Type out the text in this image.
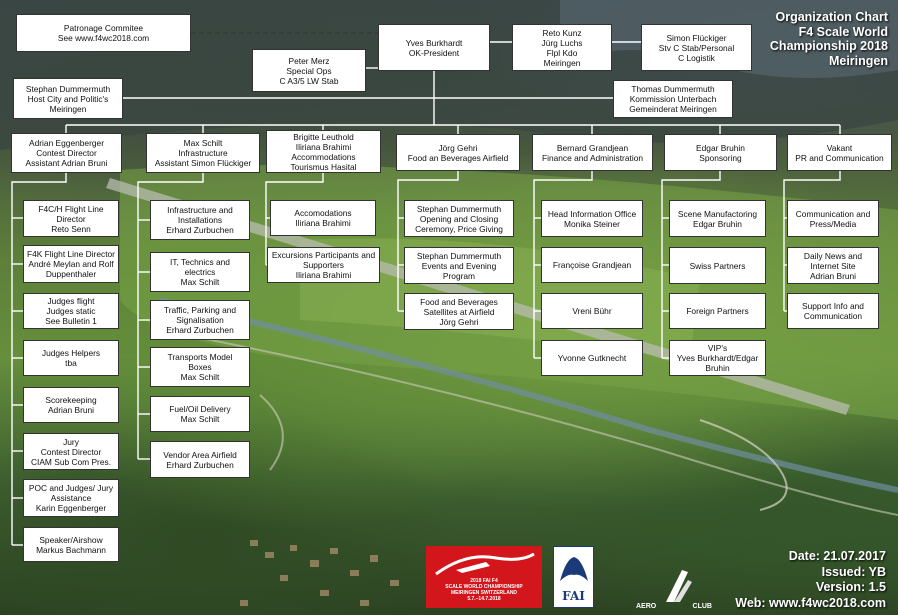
Organization Chart
F4 Scale World
Championship 2018
Meiringen
Patronage Commitee
See www.f4wc2018.com	Yves Burkhardt
OK-President
Peter Merz
Special Ops
C A3/5 LW Stab
Reto Kunz
Jürg Luchs
Flpl Kdo
Meiringen
Simon Flückiger
Stv C Stab/Personal
C Logistik
Stephan Dummermuth
Host City and Politic's
Meiringen
Thomas Dummermuth
Kommission Unterbach
Gemeinderat Meiringen
Adrian Eggenberger
Contest Director
Assistant Adrian Bruni
Max Schilt
Infrastructure
Assistant Simon Flückiger
Brigitte Leuthold
Iliriana Brahimi
Accommodations
Tourismus Hasital
Jörg Gehri
Food an Beverages Airfield
Bernard Grandjean
Finance and Administration
Edgar Bruhin
Sponsoring
Vakant
PR and Communication
F4C/H Flight Line
Director
Reto Senn
F4K Flight Line Director
André Meylan and Rolf
Duppenthaler
Judges flight
Judges static
See Bulletin 1
Judges Helpers
tba
Scorekeeping
Adrian Bruni
Jury
Contest Director
CIAM Sub Com Pres.
POC and Judges/ Jury
Assistance
Karin Eggenberger
Speaker/Airshow
Markus Bachmann
Infrastructure and
Installations
Erhard Zurbuchen
IT, Technics and
electrics
Max Schilt
Traffic, Parking and
Signalisation
Erhard Zurbuchen
Transports Model
Boxes
Max Schilt
Fuel/Oil Delivery
Max Schilt
Vendor Area Airfield
Erhard Zurbuchen
Accomodations
Iliriana Brahimi
Excursions Participants and
Supporters
Iliriana Brahimi
Stephan Dummermuth
Opening and Closing
Ceremony, Price Giving
Stephan Dummermuth
Events and Evening
Program
Food and Beverages
Satellites at Airfield
Jörg Gehri
Head Information Office
Monika Steiner
Françoise Grandjean
Vreni Bühr
Yvonne Gutknecht
Scene Manufactoring
Edgar Bruhin
Swiss Partners
Foreign Partners
VIP's
Yves Burkhardt/Edgar
Bruhin
Communication and
Press/Media
Daily News and
Internet Site
Adrian Bruni
Support Info and
Communication
2018 FAI F4
SCALE WORLD CHAMPIONSHIP
MEIRINGEN SWITZERLAND
5.7.–14.7.2018	FAI
AERO	CLUB
Date: 21.07.2017
Issued: YB
Version: 1.5
Web: www.f4wc2018.com
